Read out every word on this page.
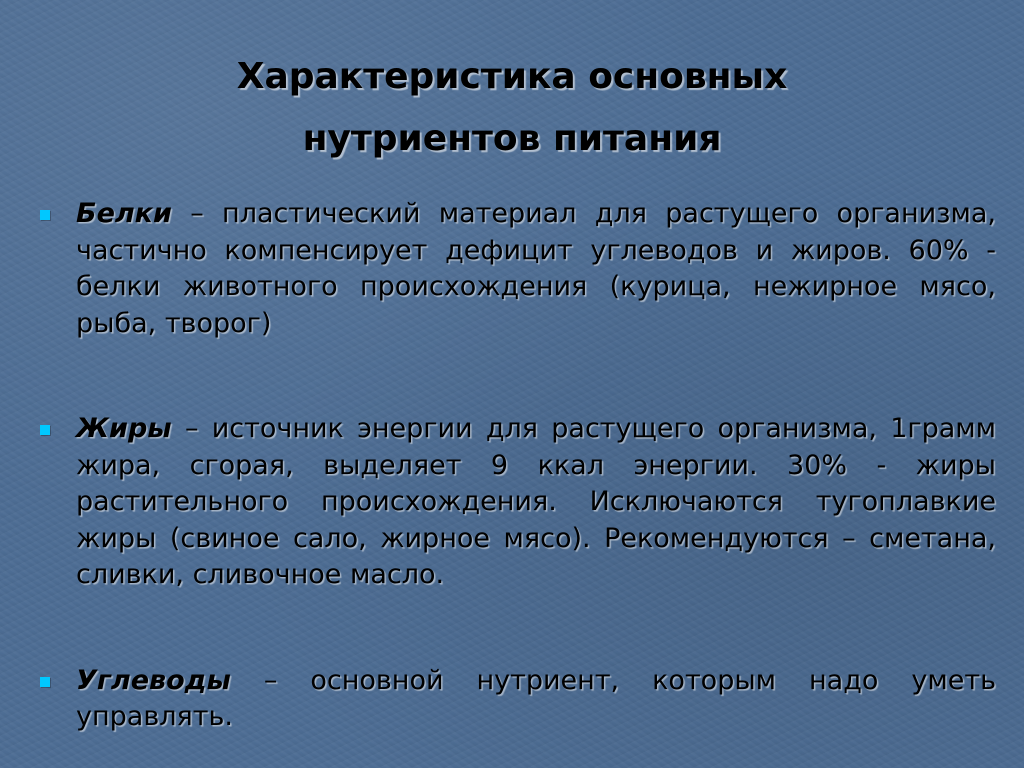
Характеристика основных
нутриентов питания
Белки – пластический материал для растущего организма, частично компенсирует дефицит углеводов и жиров. 60% - белки животного происхождения (курица, нежирное мясо, рыба, творог)
Жиры – источник энергии для растущего организма, 1грамм жира, сгорая, выделяет 9 ккал энергии. 30% - жиры растительного происхождения. Исключаются тугоплавкие жиры (свиное сало, жирное мясо). Рекомендуются – сметана, сливки, сливочное масло.
Углеводы – основной нутриент, которым надо уметь управлять.
